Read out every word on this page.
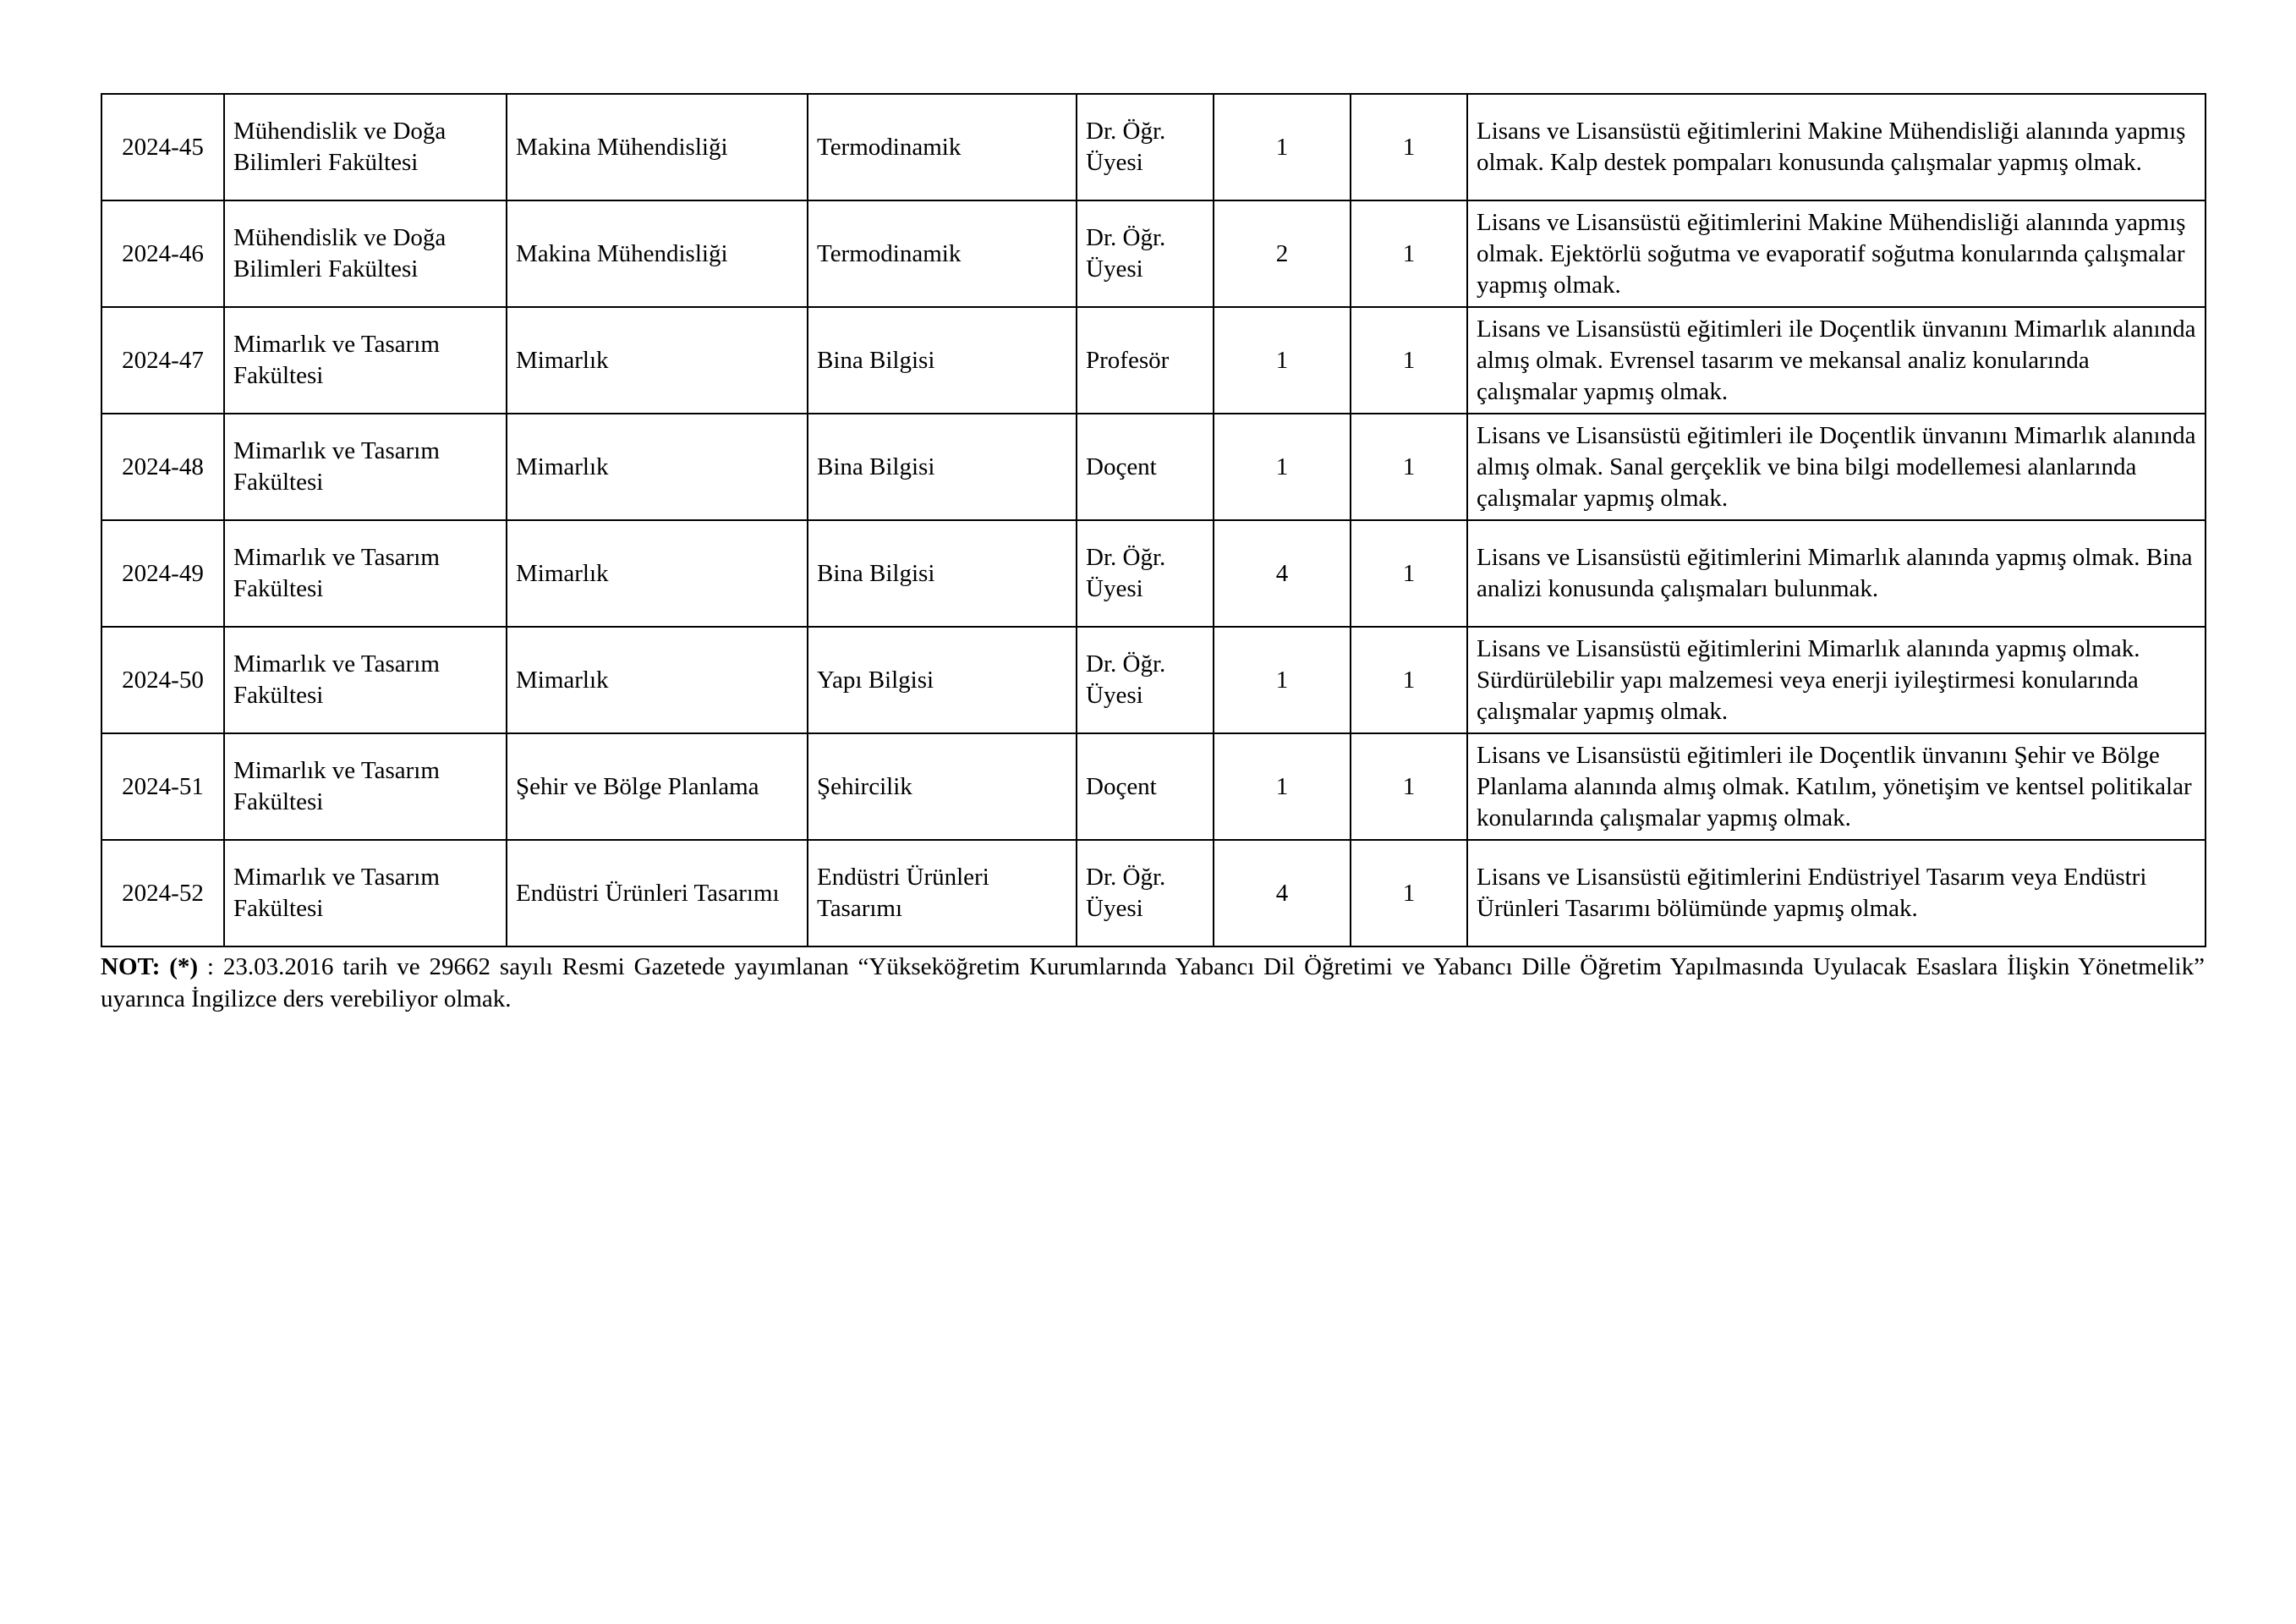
2024-45	Mühendislik ve Doğa Bilimleri Fakültesi	Makina Mühendisliği	Termodinamik	Dr. Öğr. Üyesi	1	1	Lisans ve Lisansüstü eğitimlerini Makine Mühendisliği alanında yapmış olmak. Kalp destek pompaları konusunda çalışmalar yapmış olmak.
2024-46	Mühendislik ve Doğa Bilimleri Fakültesi	Makina Mühendisliği	Termodinamik	Dr. Öğr. Üyesi	2	1	Lisans ve Lisansüstü eğitimlerini Makine Mühendisliği alanında yapmış olmak. Ejektörlü soğutma ve evaporatif soğutma konularında çalışmalar yapmış olmak.
2024-47	Mimarlık ve Tasarım Fakültesi	Mimarlık	Bina Bilgisi	Profesör	1	1	Lisans ve Lisansüstü eğitimleri ile Doçentlik ünvanını Mimarlık alanında almış olmak. Evrensel tasarım ve mekansal analiz konularında çalışmalar yapmış olmak.
2024-48	Mimarlık ve Tasarım Fakültesi	Mimarlık	Bina Bilgisi	Doçent	1	1	Lisans ve Lisansüstü eğitimleri ile Doçentlik ünvanını Mimarlık alanında almış olmak. Sanal gerçeklik ve bina bilgi modellemesi alanlarında çalışmalar yapmış olmak.
2024-49	Mimarlık ve Tasarım Fakültesi	Mimarlık	Bina Bilgisi	Dr. Öğr. Üyesi	4	1	Lisans ve Lisansüstü eğitimlerini Mimarlık alanında yapmış olmak. Bina analizi konusunda çalışmaları bulunmak.
2024-50	Mimarlık ve Tasarım Fakültesi	Mimarlık	Yapı Bilgisi	Dr. Öğr. Üyesi	1	1	Lisans ve Lisansüstü eğitimlerini Mimarlık alanında yapmış olmak. Sürdürülebilir yapı malzemesi veya enerji iyileştirmesi konularında çalışmalar yapmış olmak.
2024-51	Mimarlık ve Tasarım Fakültesi	Şehir ve Bölge Planlama	Şehircilik	Doçent	1	1	Lisans ve Lisansüstü eğitimleri ile Doçentlik ünvanını Şehir ve Bölge Planlama alanında almış olmak. Katılım, yönetişim ve kentsel politikalar konularında çalışmalar yapmış olmak.
2024-52	Mimarlık ve Tasarım Fakültesi	Endüstri Ürünleri Tasarımı	Endüstri Ürünleri Tasarımı	Dr. Öğr. Üyesi	4	1	Lisans ve Lisansüstü eğitimlerini Endüstriyel Tasarım veya Endüstri Ürünleri Tasarımı bölümünde yapmış olmak.
NOT: (*) : 23.03.2016 tarih ve 29662 sayılı Resmi Gazetede yayımlanan “Yükseköğretim Kurumlarında Yabancı Dil Öğretimi ve Yabancı Dille Öğretim Yapılmasında Uyulacak Esaslara İlişkin Yönetmelik” uyarınca İngilizce ders verebiliyor olmak.
